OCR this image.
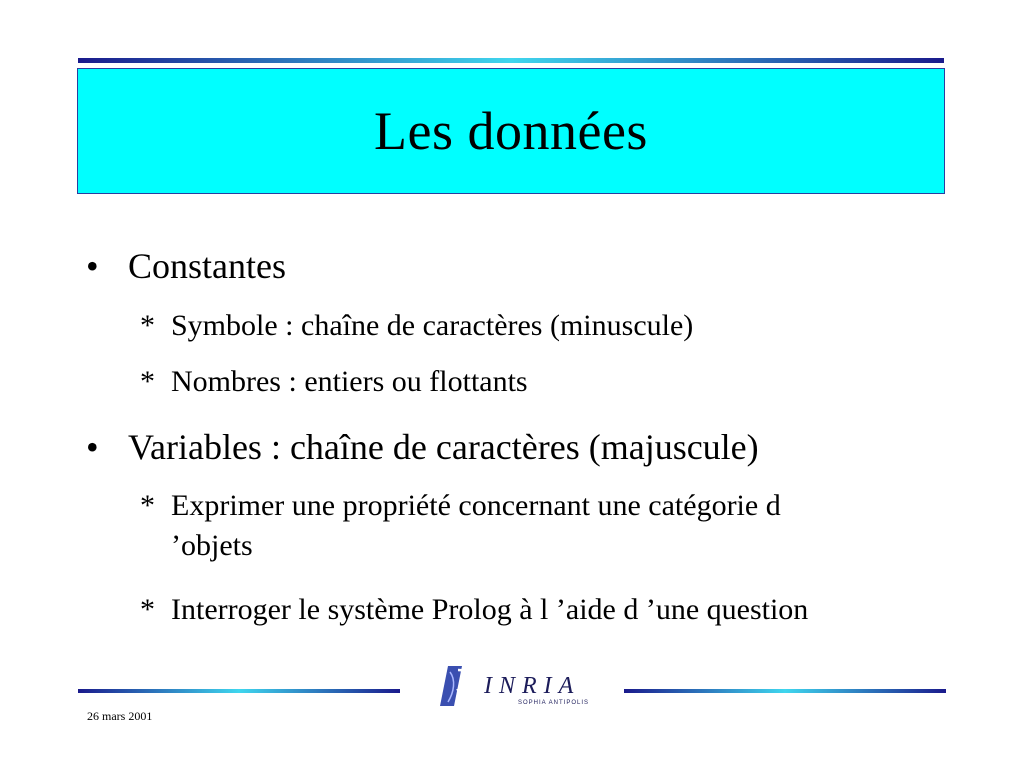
Les données
• Constantes
* Symbole : chaîne de caractères (minuscule)
* Nombres : entiers ou flottants
• Variables : chaîne de caractères (majuscule)
* Exprimer une propriété concernant une catégorie d ’objets
* Interroger le système Prolog à l ’aide d ’une question
INRIA
SOPHIA ANTIPOLIS
26 mars 2001
